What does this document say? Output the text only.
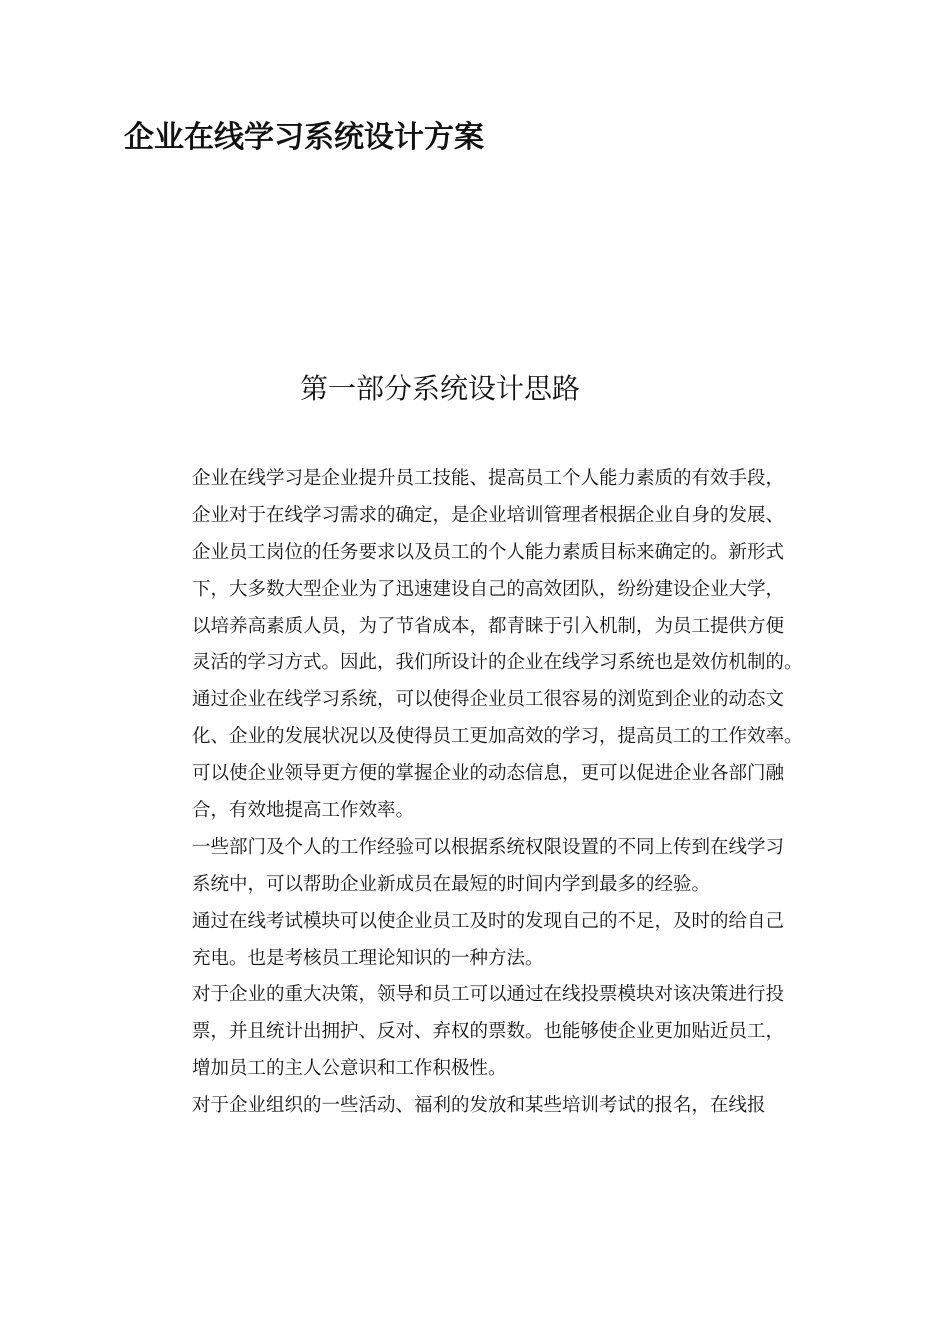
企业在线学习系统设计方案
第一部分系统设计思路
企业在线学习是企业提升员工技能、提高员工个人能力素质的有效手段，
企业对于在线学习需求的确定，是企业培训管理者根据企业自身的发展、
企业员工岗位的任务要求以及员工的个人能力素质目标来确定的。新形式
下，大多数大型企业为了迅速建设自己的高效团队，纷纷建设企业大学，
以培养高素质人员，为了节省成本，都青睐于引入机制，为员工提供方便
灵活的学习方式。因此，我们所设计的企业在线学习系统也是效仿机制的。
通过企业在线学习系统，可以使得企业员工很容易的浏览到企业的动态文
化、企业的发展状况以及使得员工更加高效的学习，提高员工的工作效率。
可以使企业领导更方便的掌握企业的动态信息，更可以促进企业各部门融
合，有效地提高工作效率。
一些部门及个人的工作经验可以根据系统权限设置的不同上传到在线学习
系统中，可以帮助企业新成员在最短的时间内学到最多的经验。
通过在线考试模块可以使企业员工及时的发现自己的不足，及时的给自己
充电。也是考核员工理论知识的一种方法。
对于企业的重大决策，领导和员工可以通过在线投票模块对该决策进行投
票，并且统计出拥护、反对、弃权的票数。也能够使企业更加贴近员工，
增加员工的主人公意识和工作积极性。
对于企业组织的一些活动、福利的发放和某些培训考试的报名，在线报
